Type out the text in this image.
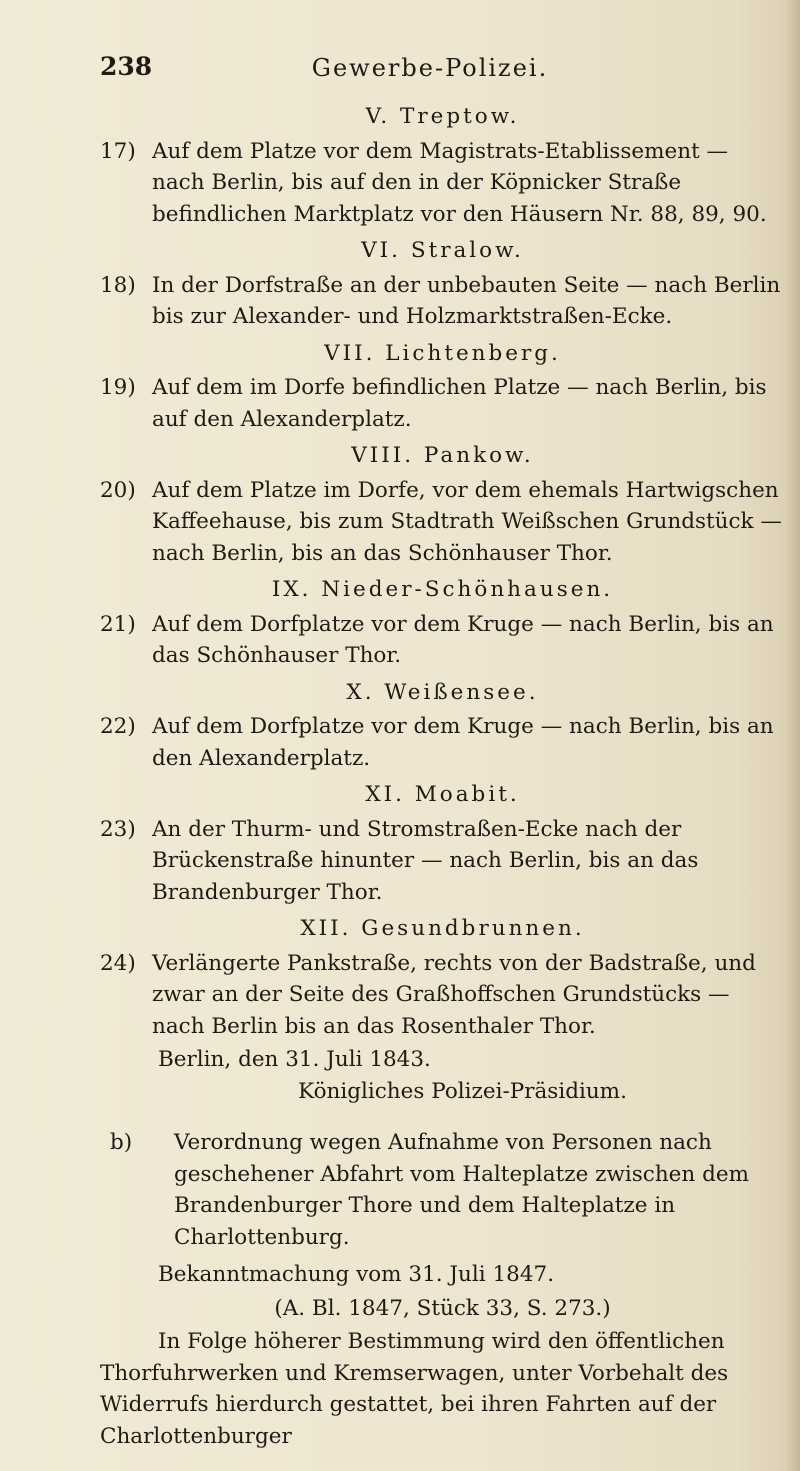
238	Gewerbe-Polizei.
V. Treptow.
17) Auf dem Platze vor dem Magistrats-Etablissement — nach Berlin, bis auf den in der Köpnicker Straße befindlichen Marktplatz vor den Häusern Nr. 88, 89, 90.
VI. Stralow.
18) In der Dorfstraße an der unbebauten Seite — nach Berlin bis zur Alexander- und Holzmarktstraßen-Ecke.
VII. Lichtenberg.
19) Auf dem im Dorfe befindlichen Platze — nach Berlin, bis auf den Alexanderplatz.
VIII. Pankow.
20) Auf dem Platze im Dorfe, vor dem ehemals Hartwigschen Kaffeehause, bis zum Stadtrath Weißschen Grundstück — nach Berlin, bis an das Schönhauser Thor.
IX. Nieder-Schönhausen.
21) Auf dem Dorfplatze vor dem Kruge — nach Berlin, bis an das Schönhauser Thor.
X. Weißensee.
22) Auf dem Dorfplatze vor dem Kruge — nach Berlin, bis an den Alexanderplatz.
XI. Moabit.
23) An der Thurm- und Stromstraßen-Ecke nach der Brückenstraße hinunter — nach Berlin, bis an das Brandenburger Thor.
XII. Gesundbrunnen.
24) Verlängerte Pankstraße, rechts von der Badstraße, und zwar an der Seite des Graßhoffschen Grundstücks — nach Berlin bis an das Rosenthaler Thor.
Berlin, den 31. Juli 1843.
Königliches Polizei-Präsidium.
b)	Verordnung wegen Aufnahme von Personen nach geschehener Abfahrt vom Halteplatze zwischen dem Brandenburger Thore und dem Halteplatze in Charlottenburg.
Bekanntmachung vom 31. Juli 1847.
(A. Bl. 1847, Stück 33, S. 273.)
In Folge höherer Bestimmung wird den öffentlichen Thorfuhrwerken und Kremserwagen, unter Vorbehalt des Widerrufs hierdurch gestattet, bei ihren Fahrten auf der Charlottenburger
